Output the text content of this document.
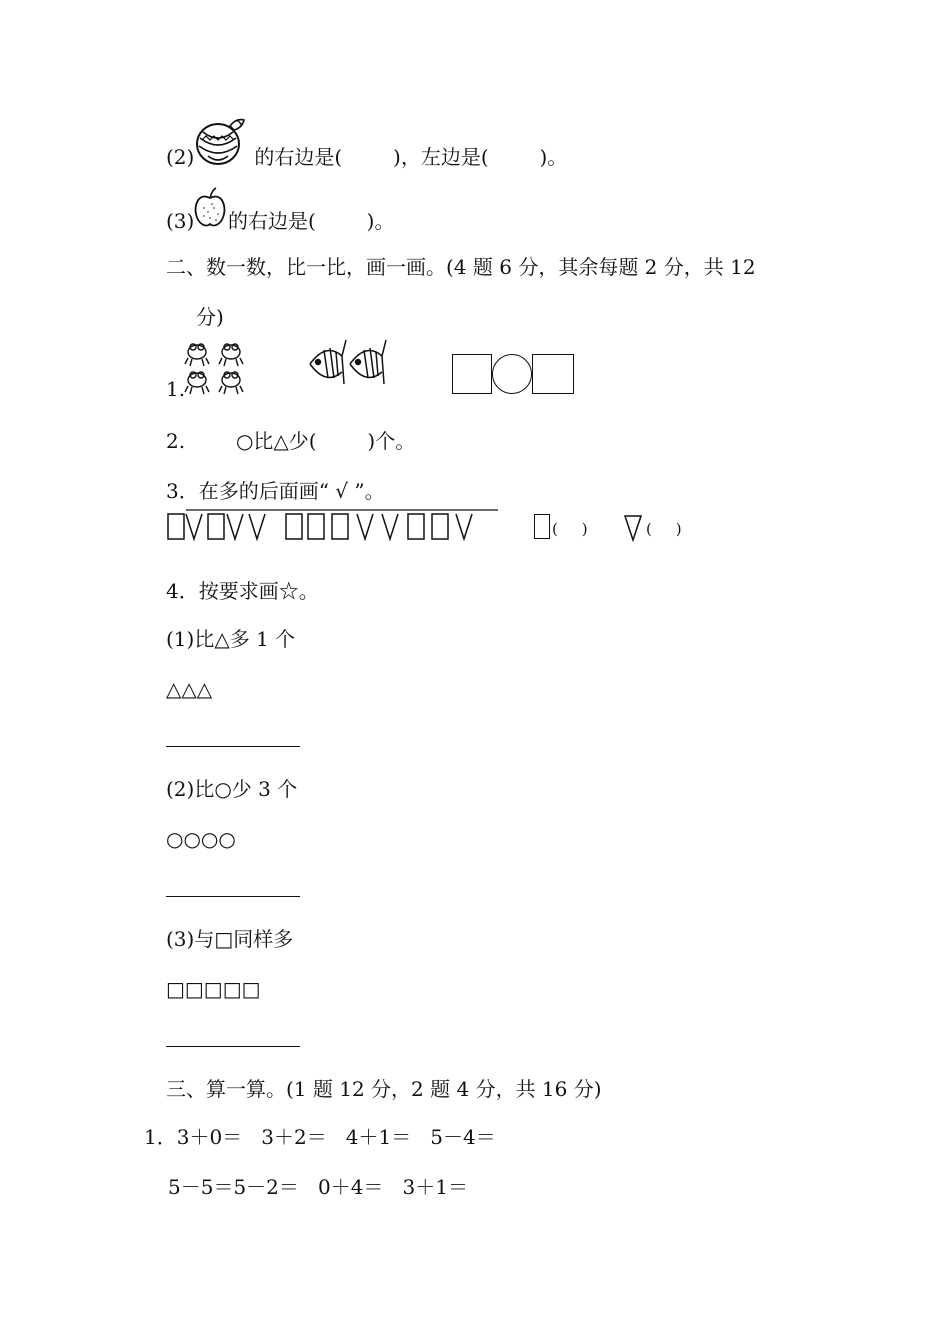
(2)	的右边是(        )，左边是(        )。
(3) 的右边是(        )。
二、数一数，比一比，画一画。(4 题 6 分，其余每题 2 分，共 12
分)
1.
2.        ○比△少(        )个。
3．在多的后面画“ √ ”。
(     )	(     )
4．按要求画☆。
(1)比△多 1 个
△△△
(2)比○少 3 个
○○○○
(3)与□同样多
□□□□□
三、算一算。(1 题 12 分，2 题 4 分，共 16 分)
1．3＋0＝   3＋2＝   4＋1＝   5－4＝
5－5＝5－2＝   0＋4＝   3＋1＝
